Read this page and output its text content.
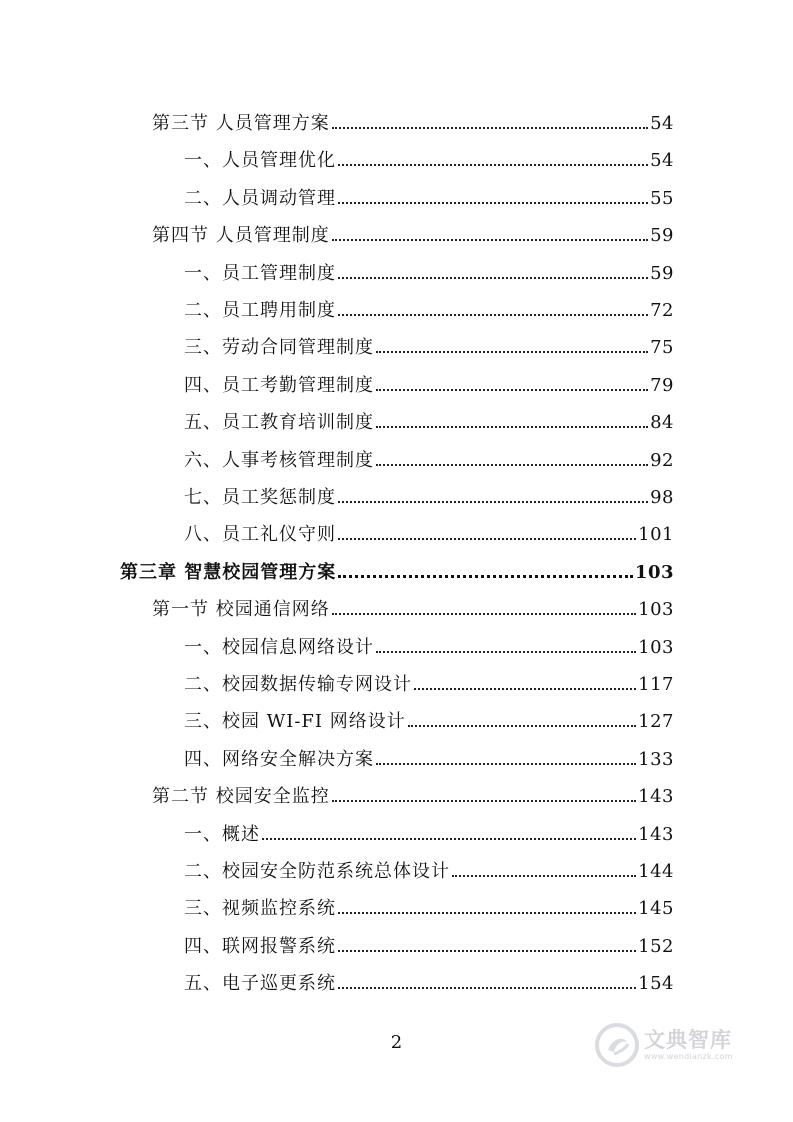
第三节 人员管理方案	54
一、人员管理优化	54
二、人员调动管理	55
第四节 人员管理制度	59
一、员工管理制度	59
二、员工聘用制度	72
三、劳动合同管理制度	75
四、员工考勤管理制度	79
五、员工教育培训制度	84
六、人事考核管理制度	92
七、员工奖惩制度	98
八、员工礼仪守则	101
第三章 智慧校园管理方案	103
第一节 校园通信网络	103
一、校园信息网络设计	103
二、校园数据传输专网设计	117
三、校园 WI-FI 网络设计	127
四、网络安全解决方案	133
第二节 校园安全监控	143
一、概述	143
二、校园安全防范系统总体设计	144
三、视频监控系统	145
四、联网报警系统	152
五、电子巡更系统	154
2	文典智库
www.wendianzk.com
